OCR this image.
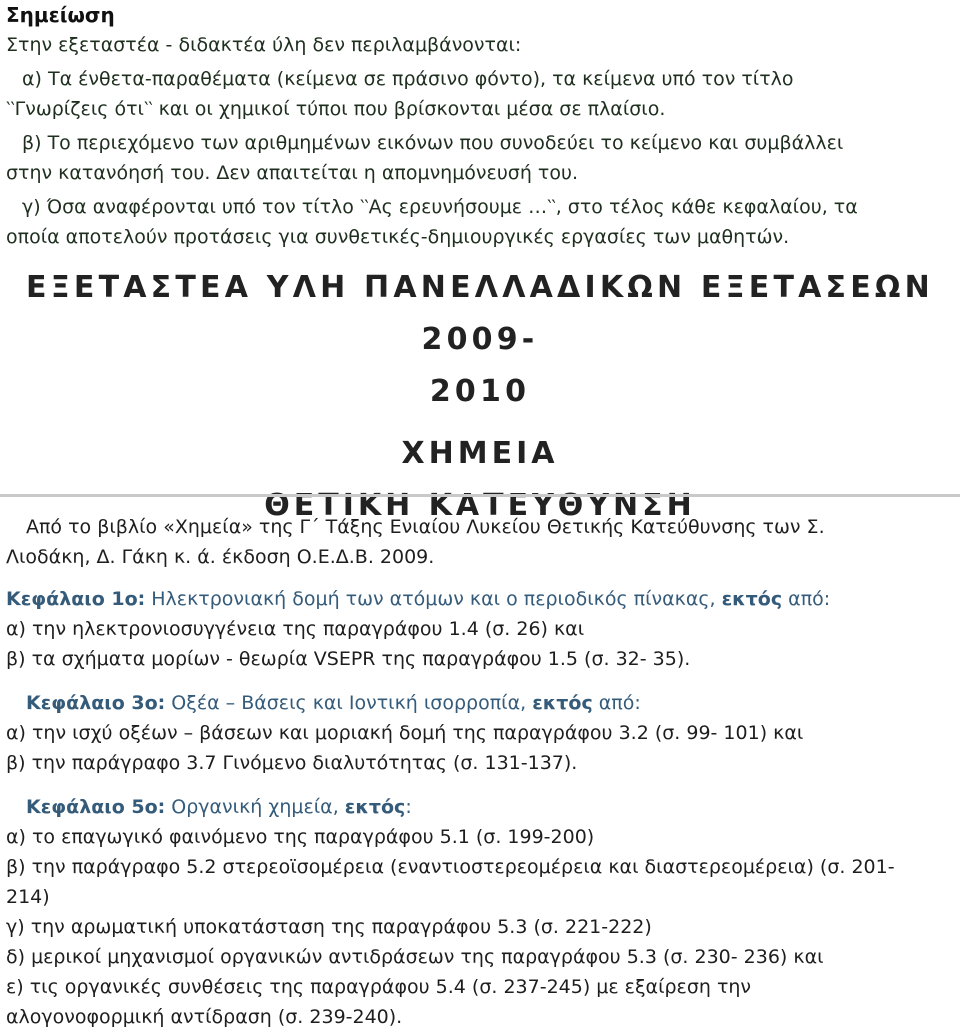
Σημείωση

Στην εξεταστέα - διδακτέα ύλη δεν περιλαμβάνονται:

α) Τα ένθετα-παραθέματα (κείμενα σε πράσινο φόντο), τα κείμενα υπό τον τίτλο

‵‵Γνωρίζεις ότι‵‵ και οι χημικοί τύποι που βρίσκονται μέσα σε πλαίσιο.

β) Το περιεχόμενο των αριθμημένων εικόνων που συνοδεύει το κείμενο και συμβάλλει

στην κατανόησή του. Δεν απαιτείται η απομνημόνευσή του.

γ) Όσα αναφέρονται υπό τον τίτλο ‵‵Ας ερευνήσουμε …‵‵, στο τέλος κάθε κεφαλαίου, τα

οποία αποτελούν προτάσεις για συνθετικές-δημιουργικές εργασίες των μαθητών.

ΕΞΕΤΑΣΤΕΑ ΥΛΗ ΠΑΝΕΛΛΑΔΙΚΩΝ ΕΞΕΤΑΣΕΩΝ 2009-
2010
ΧΗΜΕΙΑ
ΘΕΤΙΚΗ ΚΑΤΕΥΘΥΝΣΗ

Από το βιβλίο «Χημεία» της Γ΄ Τάξης Ενιαίου Λυκείου Θετικής Κατεύθυνσης των Σ.

Λιοδάκη, Δ. Γάκη κ. ά. έκδοση Ο.Ε.Δ.Β. 2009.

Κεφάλαιο 1ο: Ηλεκτρονιακή δομή των ατόμων και ο περιοδικός πίνακας, εκτός από:

α) την ηλεκτρονιοσυγγένεια της παραγράφου 1.4 (σ. 26) και

β) τα σχήματα μορίων - θεωρία VSEPR της παραγράφου 1.5 (σ. 32- 35).

Κεφάλαιο 3ο: Οξέα – Βάσεις και Ιοντική ισορροπία, εκτός από:

α) την ισχύ οξέων – βάσεων και μοριακή δομή της παραγράφου 3.2 (σ. 99- 101) και

β) την παράγραφο 3.7 Γινόμενο διαλυτότητας (σ. 131-137).

Κεφάλαιο 5ο: Οργανική χημεία, εκτός:

α) το επαγωγικό φαινόμενο της παραγράφου 5.1 (σ. 199-200)

β) την παράγραφο 5.2 στερεοϊσομέρεια (εναντιοστερεομέρεια και διαστερεομέρεια) (σ. 201-

214)

γ) την αρωματική υποκατάσταση της παραγράφου 5.3 (σ. 221-222)

δ) μερικοί μηχανισμοί οργανικών αντιδράσεων της παραγράφου 5.3 (σ. 230- 236) και

ε) τις οργανικές συνθέσεις της παραγράφου 5.4 (σ. 237-245) με εξαίρεση την

αλογονοφορμική αντίδραση (σ. 239-240).
